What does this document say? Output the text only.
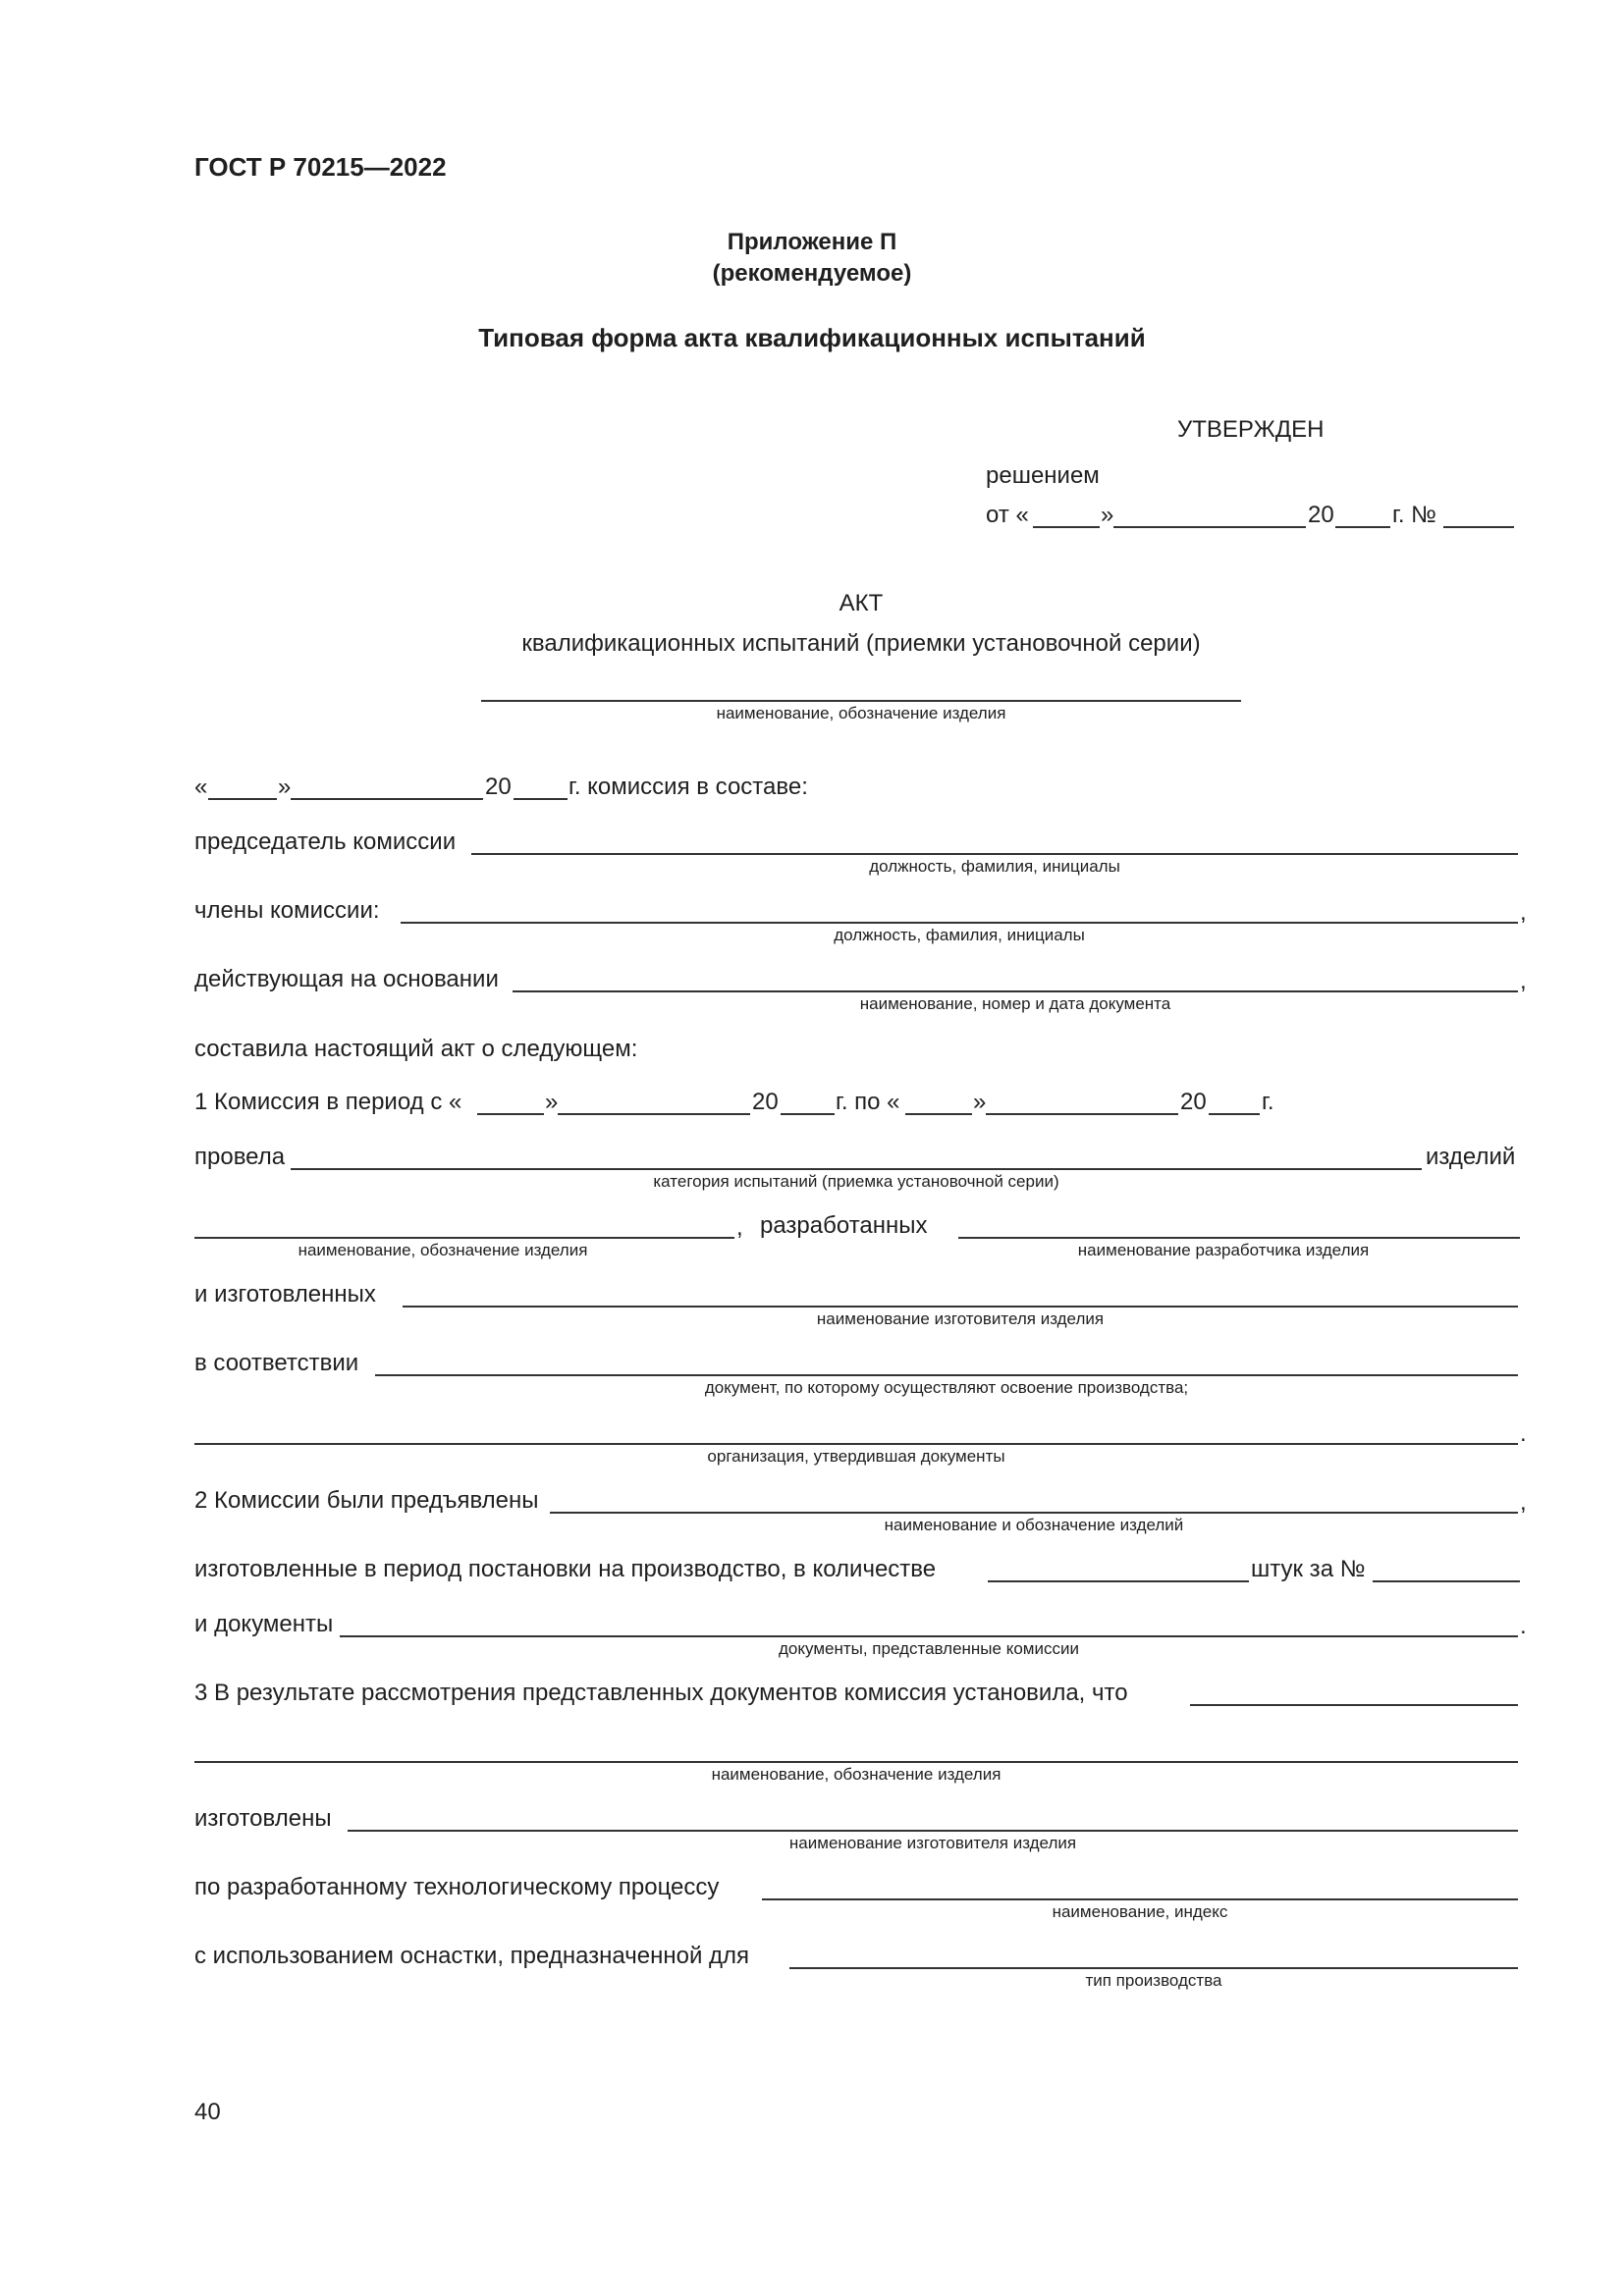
ГОСТ Р 70215—2022
Приложение П
(рекомендуемое)
Типовая форма акта квалификационных испытаний
УТВЕРЖДЕН
решением
от «	»	20 г. №
АКТ
квалификационных испытаний (приемки установочной серии)
наименование, обозначение изделия
«	»	20 г. комиссия в составе:
председатель комиссии
должность, фамилия, инициалы
члены комиссии:	,
должность, фамилия, инициалы
действующая на основании	,
наименование, номер и дата документа
составила настоящий акт о следующем:
1 Комиссия в период с «	»	20 г. по «	»	20 г.
провела	изделий
категория испытаний (приемка установочной серии)
, разработанных
наименование, обозначение изделия	наименование разработчика изделия
и изготовленных
наименование изготовителя изделия
в соответствии
документ, по которому осуществляют освоение производства;
.
организация, утвердившая документы
2 Комиссии были предъявлены	,
наименование и обозначение изделий
изготовленные в период постановки на производство, в количестве	штук за №
и документы	.
документы, представленные комиссии
3 В результате рассмотрения представленных документов комиссия установила, что
наименование, обозначение изделия
изготовлены
наименование изготовителя изделия
по разработанному технологическому процессу
наименование, индекс
с использованием оснастки, предназначенной для
тип производства
40
